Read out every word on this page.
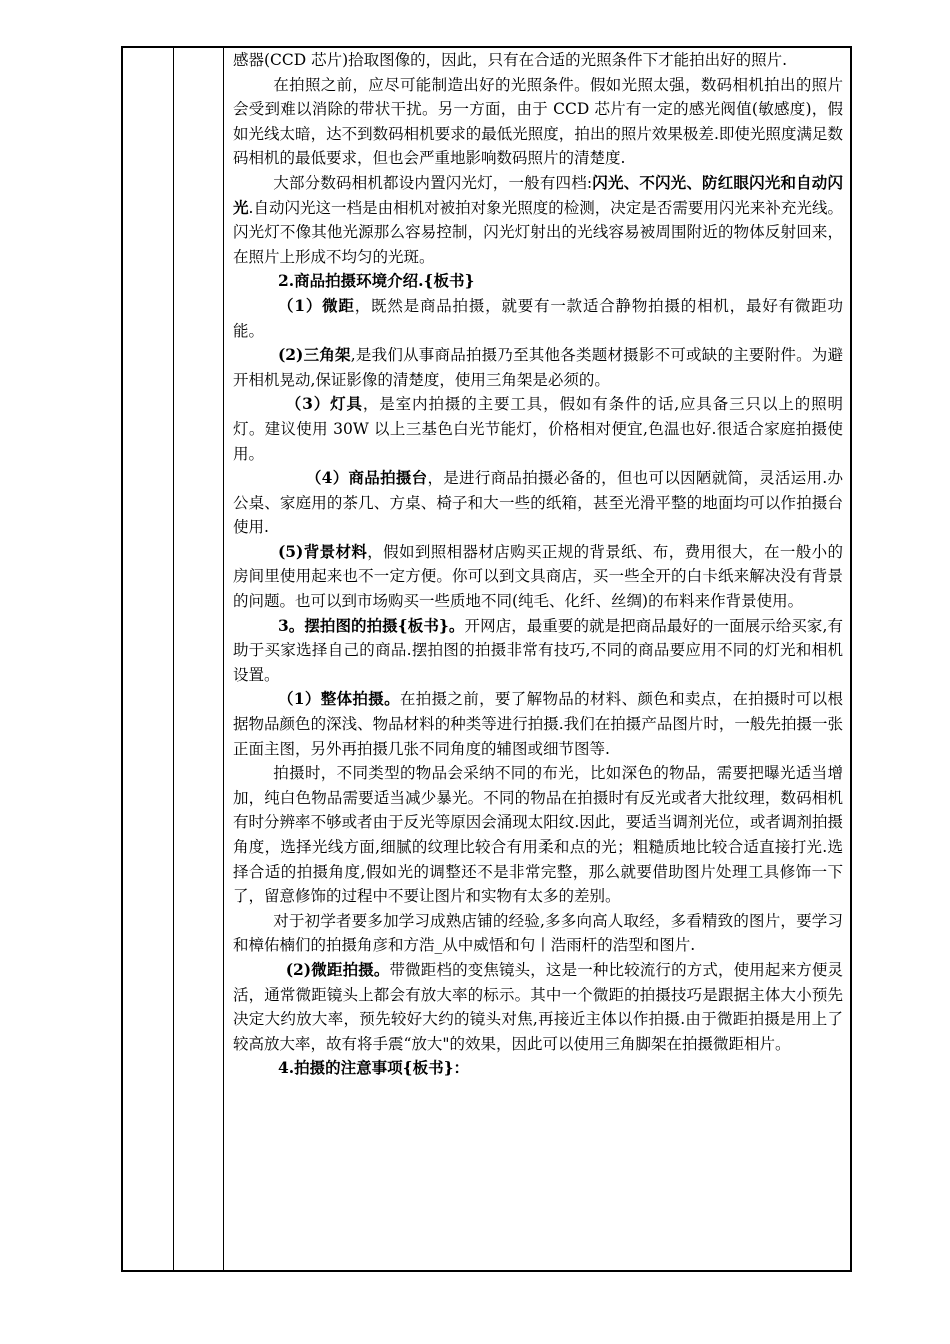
感器(CCD 芯片)拾取图像的，因此，只有在合适的光照条件下才能拍出好的照片.

在拍照之前，应尽可能制造出好的光照条件。假如光照太强，数码相机拍出的照片会受到难以消除的带状干扰。另一方面，由于 CCD 芯片有一定的感光阀值(敏感度)，假如光线太暗，达不到数码相机要求的最低光照度，拍出的照片效果极差.即使光照度满足数码相机的最低要求，但也会严重地影响数码照片的清楚度.

大部分数码相机都设内置闪光灯，一般有四档:闪光、不闪光、防红眼闪光和自动闪光.自动闪光这一档是由相机对被拍对象光照度的检测，决定是否需要用闪光来补充光线。闪光灯不像其他光源那么容易控制，闪光灯射出的光线容易被周围附近的物体反射回来，在照片上形成不均匀的光斑。

2.商品拍摄环境介绍.{板书}

（1）微距，既然是商品拍摄，就要有一款适合静物拍摄的相机，最好有微距功能。

(2)三角架,是我们从事商品拍摄乃至其他各类题材摄影不可或缺的主要附件。为避开相机晃动,保证影像的清楚度，使用三角架是必须的。

（3）灯具，是室内拍摄的主要工具，假如有条件的话,应具备三只以上的照明灯。建议使用 30W 以上三基色白光节能灯，价格相对便宜,色温也好.很适合家庭拍摄使用。

（4）商品拍摄台，是进行商品拍摄必备的，但也可以因陋就简，灵活运用.办公桌、家庭用的茶几、方桌、椅子和大一些的纸箱，甚至光滑平整的地面均可以作拍摄台使用.

(5)背景材料，假如到照相器材店购买正规的背景纸、布，费用很大，在一般小的房间里使用起来也不一定方便。你可以到文具商店，买一些全开的白卡纸来解决没有背景的问题。也可以到市场购买一些质地不同(纯毛、化纤、丝绸)的布料来作背景使用。

3。摆拍图的拍摄{板书}。开网店，最重要的就是把商品最好的一面展示给买家,有助于买家选择自己的商品.摆拍图的拍摄非常有技巧,不同的商品要应用不同的灯光和相机设置。

（1）整体拍摄。在拍摄之前，要了解物品的材料、颜色和卖点，在拍摄时可以根据物品颜色的深浅、物品材料的种类等进行拍摄.我们在拍摄产品图片时，一般先拍摄一张正面主图，另外再拍摄几张不同角度的辅图或细节图等.

拍摄时，不同类型的物品会采纳不同的布光，比如深色的物品，需要把曝光适当增加，纯白色物品需要适当减少暴光。不同的物品在拍摄时有反光或者大批纹理，数码相机有时分辨率不够或者由于反光等原因会涌现太阳纹.因此，要适当调剂光位，或者调剂拍摄角度，选择光线方面,细腻的纹理比较合有用柔和点的光；粗糙质地比较合适直接打光.选择合适的拍摄角度,假如光的调整还不是非常完整，那么就要借助图片处理工具修饰一下了，留意修饰的过程中不要让图片和实物有太多的差别。

对于初学者要多加学习成熟店铺的经验,多多向高人取经，多看精致的图片，要学习和樟佑楠们的拍摄角彦和方浩_从中威悟和句丨浩雨杆的浩型和图片.

(2)微距拍摄。带微距档的变焦镜头，这是一种比较流行的方式，使用起来方便灵活，通常微距镜头上都会有放大率的标示。其中一个微距的拍摄技巧是跟据主体大小预先决定大约放大率，预先较好大约的镜头对焦,再接近主体以作拍摄.由于微距拍摄是用上了较高放大率，故有将手震“放大"的效果，因此可以使用三角脚架在拍摄微距相片。

4.拍摄的注意事项{板书}：
